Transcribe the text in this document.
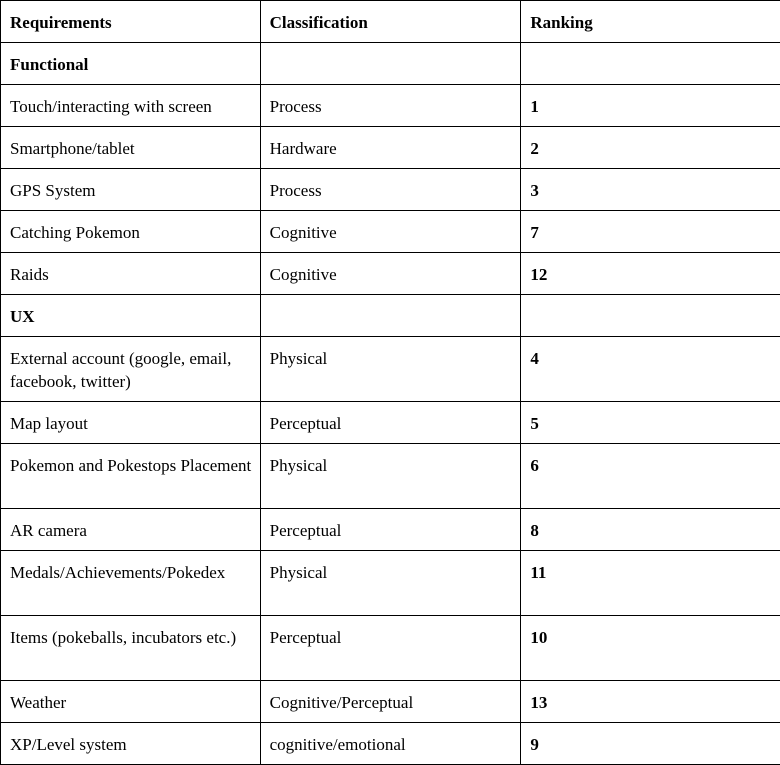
Requirements	Classification	Ranking
Functional		
Touch/interacting with screen	Process	1
Smartphone/tablet	Hardware	2
GPS System	Process	3
Catching Pokemon	Cognitive	7
Raids	Cognitive	12
UX		
External account (google, email, facebook, twitter)	Physical	4
Map layout	Perceptual	5
Pokemon and Pokestops Placement	Physical	6
AR camera	Perceptual	8
Medals/Achievements/Pokedex	Physical	11
Items (pokeballs, incubators etc.)	Perceptual	10
Weather	Cognitive/Perceptual	13
XP/Level system	cognitive/emotional	9
